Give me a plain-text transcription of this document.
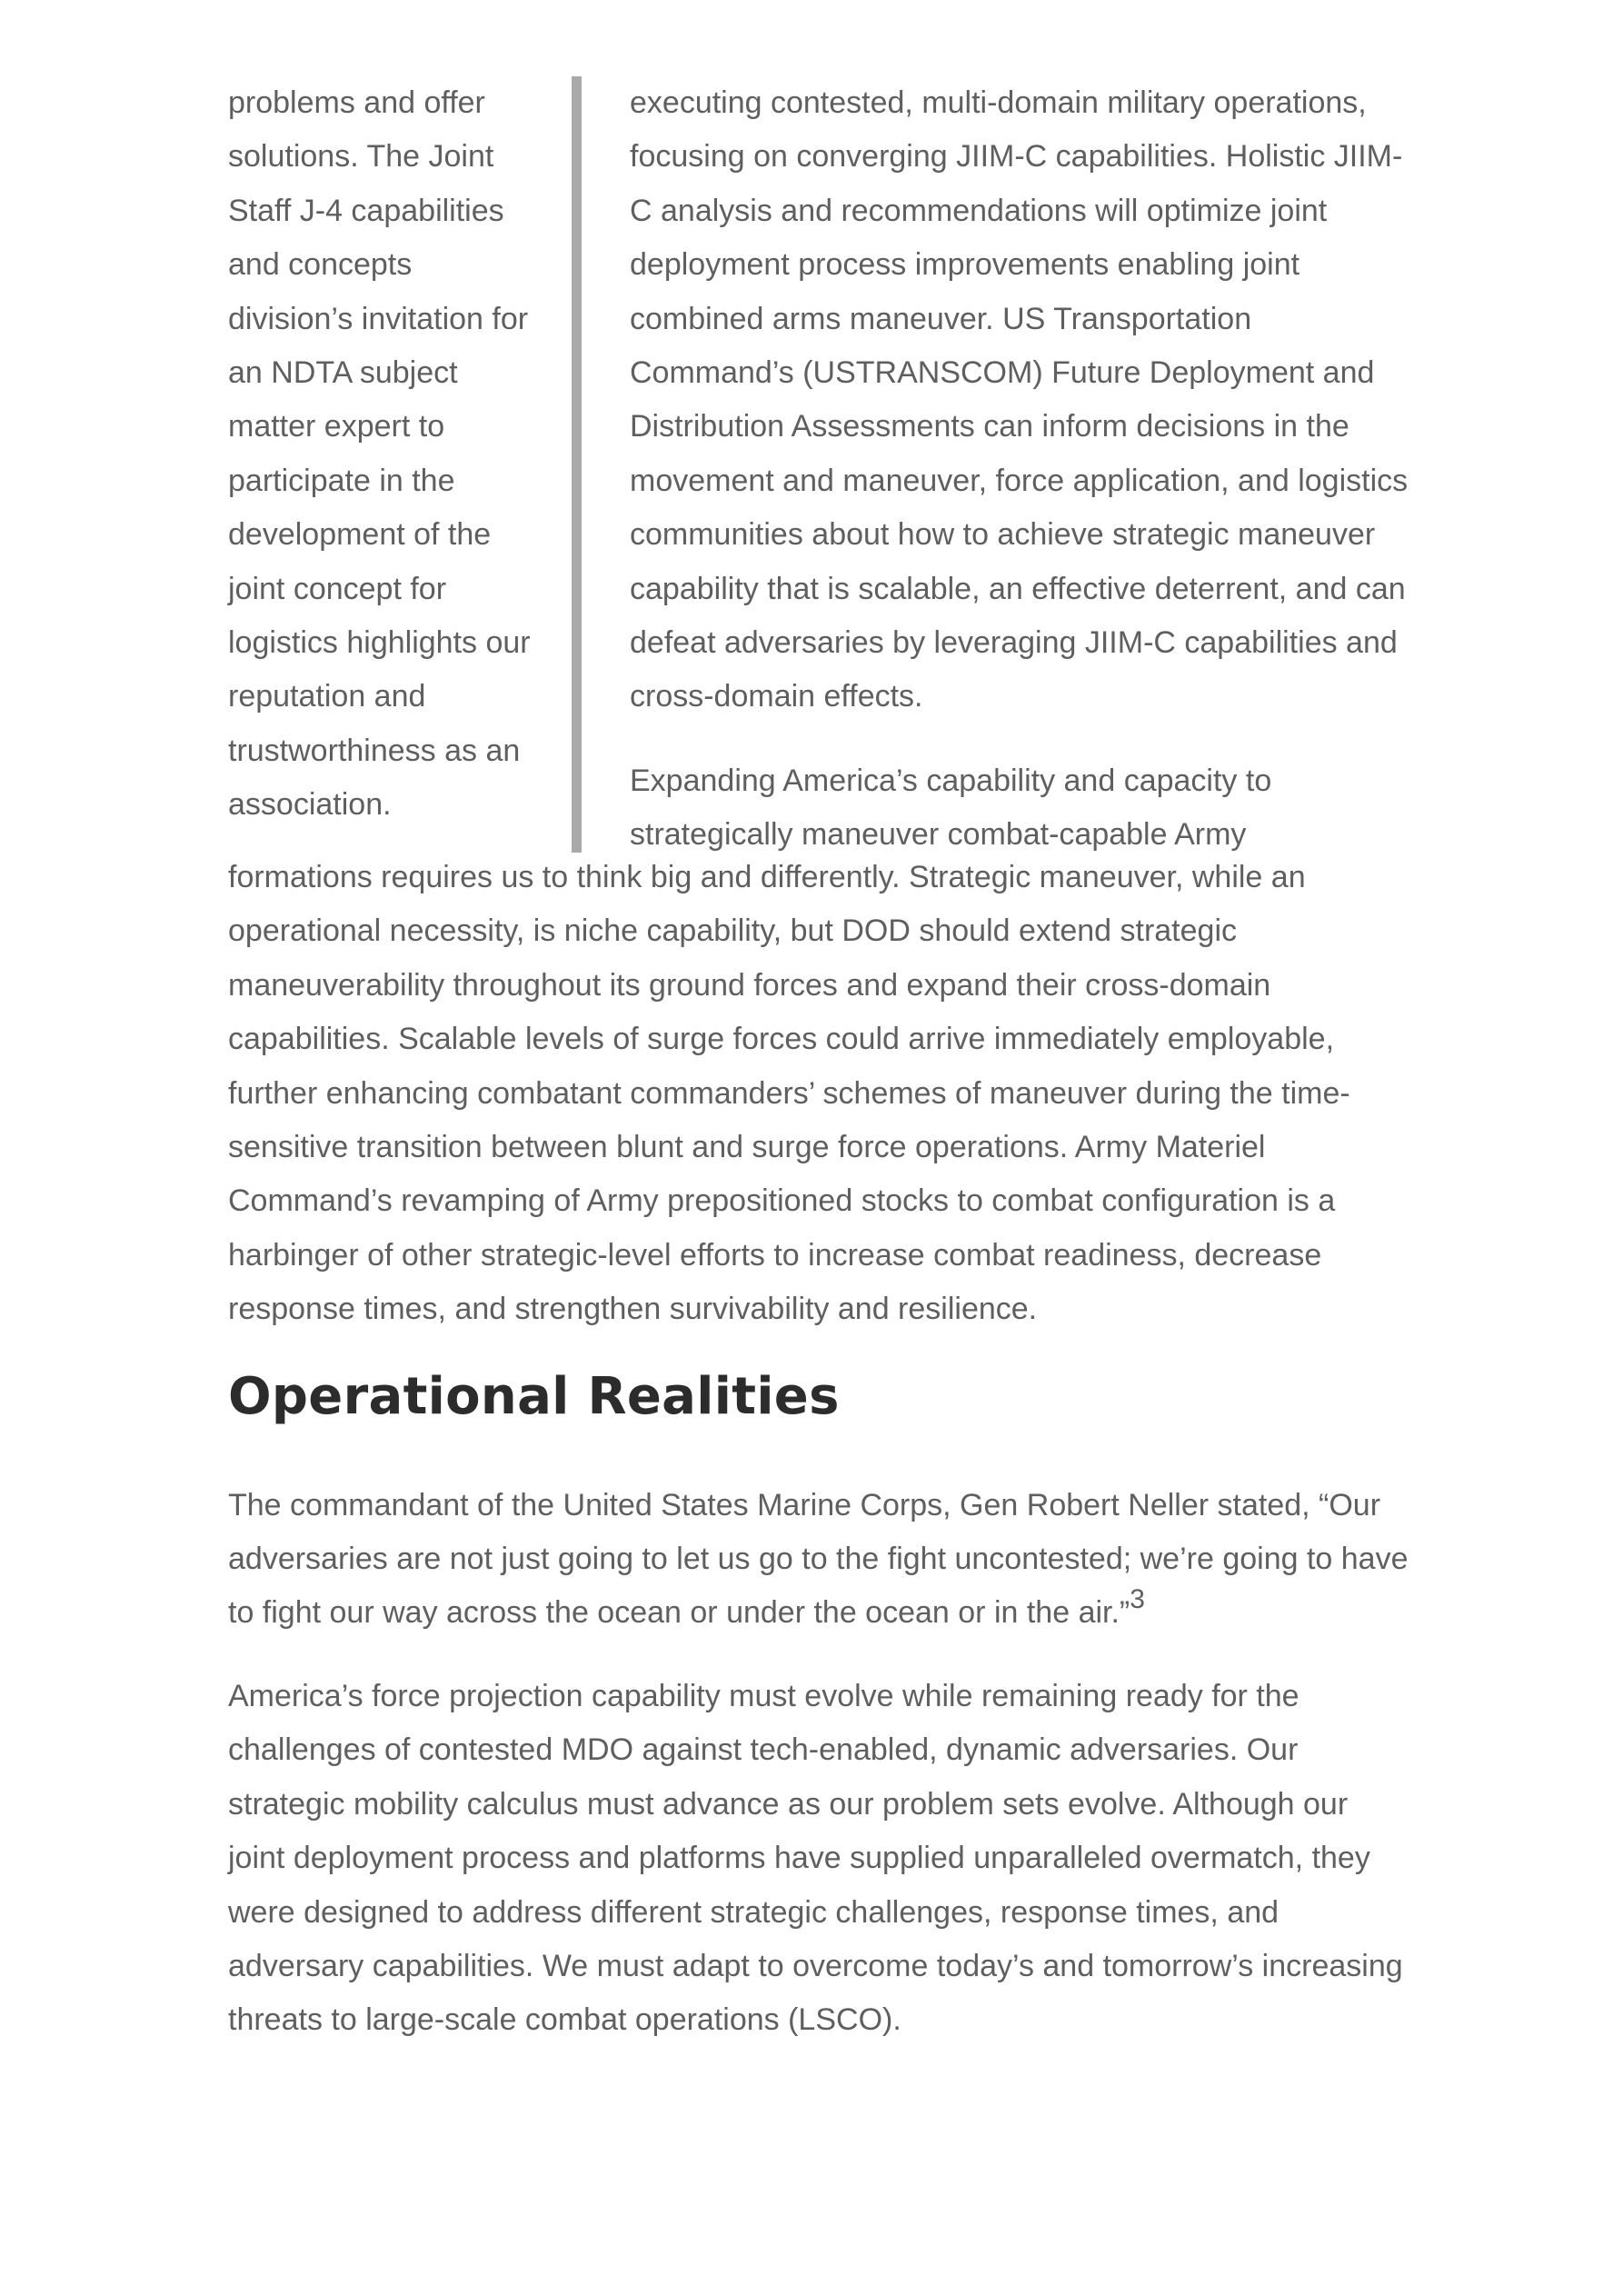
problems and offer solutions. The Joint Staff J-4 capabilities and concepts division’s invitation for an NDTA subject matter expert to participate in the development of the joint concept for logistics highlights our reputation and trustworthiness as an association.

executing contested, multi-domain military operations, focusing on converging JIIM-C capabilities. Holistic JIIM-C analysis and recommendations will optimize joint deployment process improvements enabling joint combined arms maneuver. US Transportation Command’s (USTRANSCOM) Future Deployment and Distribution Assessments can inform decisions in the movement and maneuver, force application, and logistics communities about how to achieve strategic maneuver capability that is scalable, an effective deterrent, and can defeat adversaries by leveraging JIIM-C capabilities and cross-domain effects.

Expanding America’s capability and capacity to strategically maneuver combat-capable Army

formations requires us to think big and differently. Strategic maneuver, while an operational necessity, is niche capability, but DOD should extend strategic maneuverability throughout its ground forces and expand their cross-domain capabilities. Scalable levels of surge forces could arrive immediately employable, further enhancing combatant commanders’ schemes of maneuver during the time-sensitive transition between blunt and surge force operations. Army Materiel Command’s revamping of Army prepositioned stocks to combat configuration is a harbinger of other strategic-level efforts to increase combat readiness, decrease response times, and strengthen survivability and resilience.

Operational Realities

The commandant of the United States Marine Corps, Gen Robert Neller stated, “Our adversaries are not just going to let us go to the fight uncontested; we’re going to have to fight our way across the ocean or under the ocean or in the air.”$^3$

America’s force projection capability must evolve while remaining ready for the challenges of contested MDO against tech-enabled, dynamic adversaries. Our strategic mobility calculus must advance as our problem sets evolve. Although our joint deployment process and platforms have supplied unparalleled overmatch, they were designed to address different strategic challenges, response times, and adversary capabilities. We must adapt to overcome today’s and tomorrow’s increasing threats to large-scale combat operations (LSCO).
